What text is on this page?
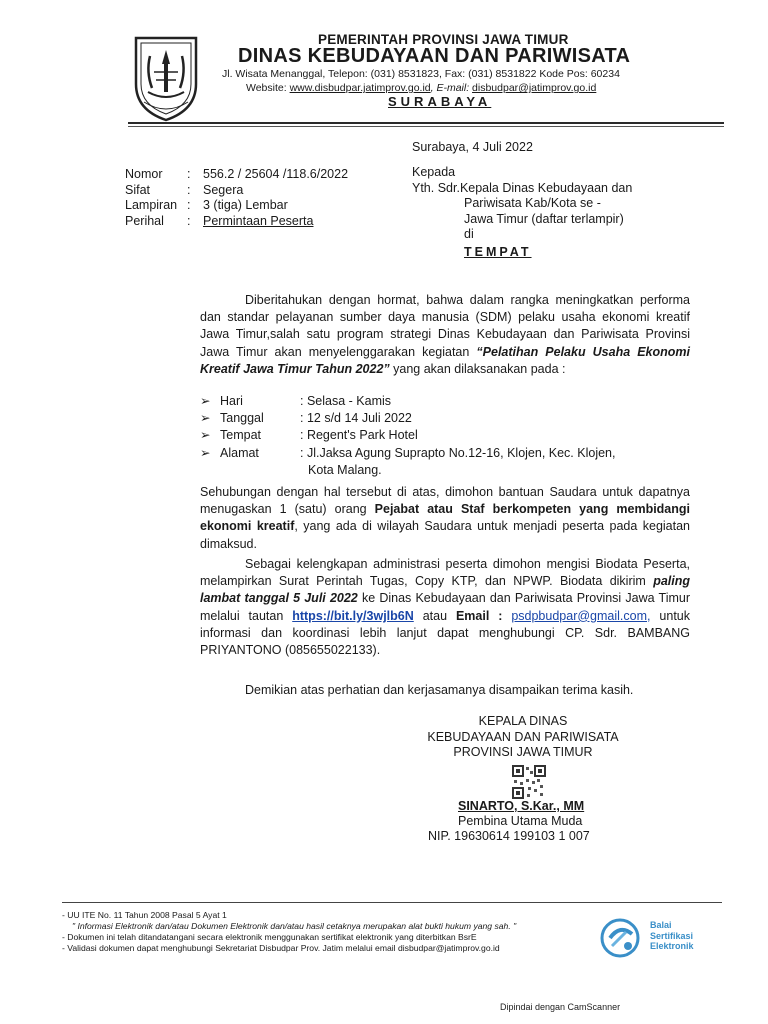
PEMERINTAH PROVINSI JAWA TIMUR
DINAS KEBUDAYAAN DAN PARIWISATA
Jl. Wisata Menanggal, Telepon: (031) 8531823, Fax: (031) 8531822 Kode Pos: 60234
Website: www.disbudpar.jatimprov.go.id, E-mail: disbudpar@jatimprov.go.id
SURABAYA
Surabaya, 4 Juli 2022
Nomor	:	556.2 / 25604 /118.6/2022
Sifat	:	Segera
Lampiran :	3 (tiga) Lembar
Perihal	:	Permintaan Peserta
Kepada
Yth. Sdr.Kepala Dinas Kebudayaan dan
Pariwisata Kab/Kota se -
Jawa Timur (daftar terlampir)
di
TEMPAT
Diberitahukan dengan hormat, bahwa dalam rangka meningkatkan performa dan standar pelayanan sumber daya manusia (SDM) pelaku usaha ekonomi kreatif Jawa Timur,salah satu program strategi Dinas Kebudayaan dan Pariwisata Provinsi Jawa Timur akan menyelenggarakan kegiatan “Pelatihan Pelaku Usaha Ekonomi Kreatif Jawa Timur Tahun 2022” yang akan dilaksanakan pada :
➢ Hari	: Selasa - Kamis
➢ Tanggal	: 12 s/d 14 Juli 2022
➢ Tempat	: Regent's Park Hotel
➢ Alamat	: Jl.Jaksa Agung Suprapto No.12-16, Klojen, Kec. Klojen,
Kota Malang.
Sehubungan dengan hal tersebut di atas, dimohon bantuan Saudara untuk dapatnya menugaskan 1 (satu) orang Pejabat atau Staf berkompeten yang membidangi ekonomi kreatif, yang ada di wilayah Saudara untuk menjadi peserta pada kegiatan dimaksud.
Sebagai kelengkapan administrasi peserta dimohon mengisi Biodata Peserta, melampirkan Surat Perintah Tugas, Copy KTP, dan NPWP. Biodata dikirim paling lambat tanggal 5 Juli 2022 ke Dinas Kebudayaan dan Pariwisata Provinsi Jawa Timur melalui tautan https://bit.ly/3wjlb6N atau Email : psdpbudpar@gmail.com, untuk informasi dan koordinasi lebih lanjut dapat menghubungi CP. Sdr. BAMBANG PRIYANTONO (085655022133).
Demikian atas perhatian dan kerjasamanya disampaikan terima kasih.
KEPALA DINAS
KEBUDAYAAN DAN PARIWISATA
PROVINSI JAWA TIMUR
SINARTO, S.Kar., MM
Pembina Utama Muda
NIP. 19630614 199103 1 007
- UU ITE No. 11 Tahun 2008 Pasal 5 Ayat 1
" Informasi Elektronik dan/atau Dokumen Elektronik dan/atau hasil cetaknya merupakan alat bukti hukum yang sah. "
- Dokumen ini telah ditandatangani secara elektronik menggunakan sertifikat elektronik yang diterbitkan BsrE
- Validasi dokumen dapat menghubungi Sekretariat Disbudpar Prov. Jatim melalui email disbudpar@jatimprov.go.id
Balai
Sertifikasi
Elektronik
Dipindai dengan CamScanner
